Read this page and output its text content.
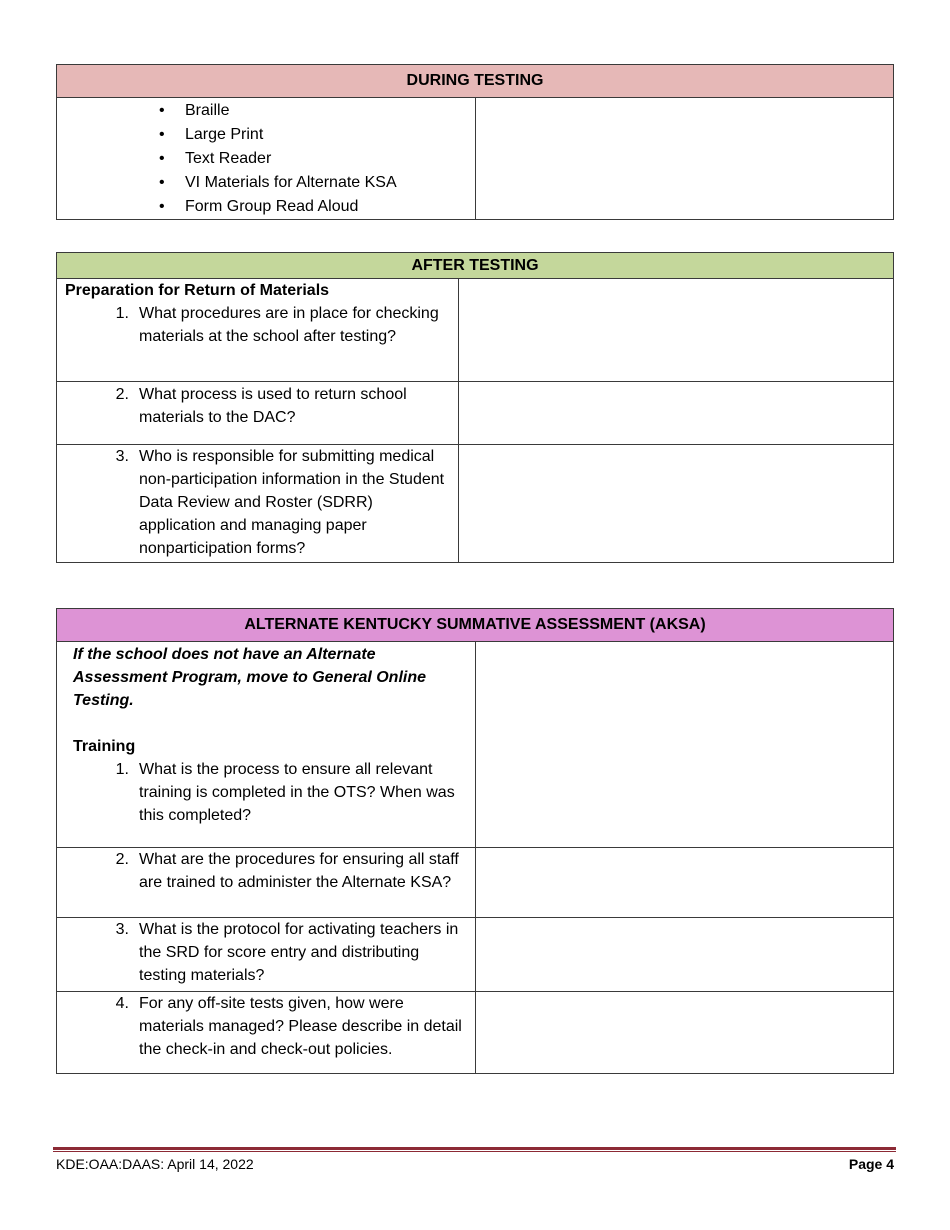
DURING TESTING

• Braille
• Large Print
• Text Reader
• VI Materials for Alternate KSA
• Form Group Read Aloud

AFTER TESTING	

Preparation for Return of Materials
1. What procedures are in place for checking materials at the school after testing?	

2. What process is used to return school materials to the DAC?	

3. Who is responsible for submitting medical non-participation information in the Student Data Review and Roster (SDRR) application and managing paper nonparticipation forms?	

ALTERNATE KENTUCKY SUMMATIVE ASSESSMENT (AKSA)	

If the school does not have an Alternate Assessment Program, move to General Online Testing.
Training
1. What is the process to ensure all relevant training is completed in the OTS? When was this completed?	

2. What are the procedures for ensuring all staff are trained to administer the Alternate KSA?	

3. What is the protocol for activating teachers in the SRD for score entry and distributing testing materials?	

4. For any off-site tests given, how were materials managed? Please describe in detail the check-in and check-out policies.	

KDE:OAA:DAAS: April 14, 2022	Page 4
